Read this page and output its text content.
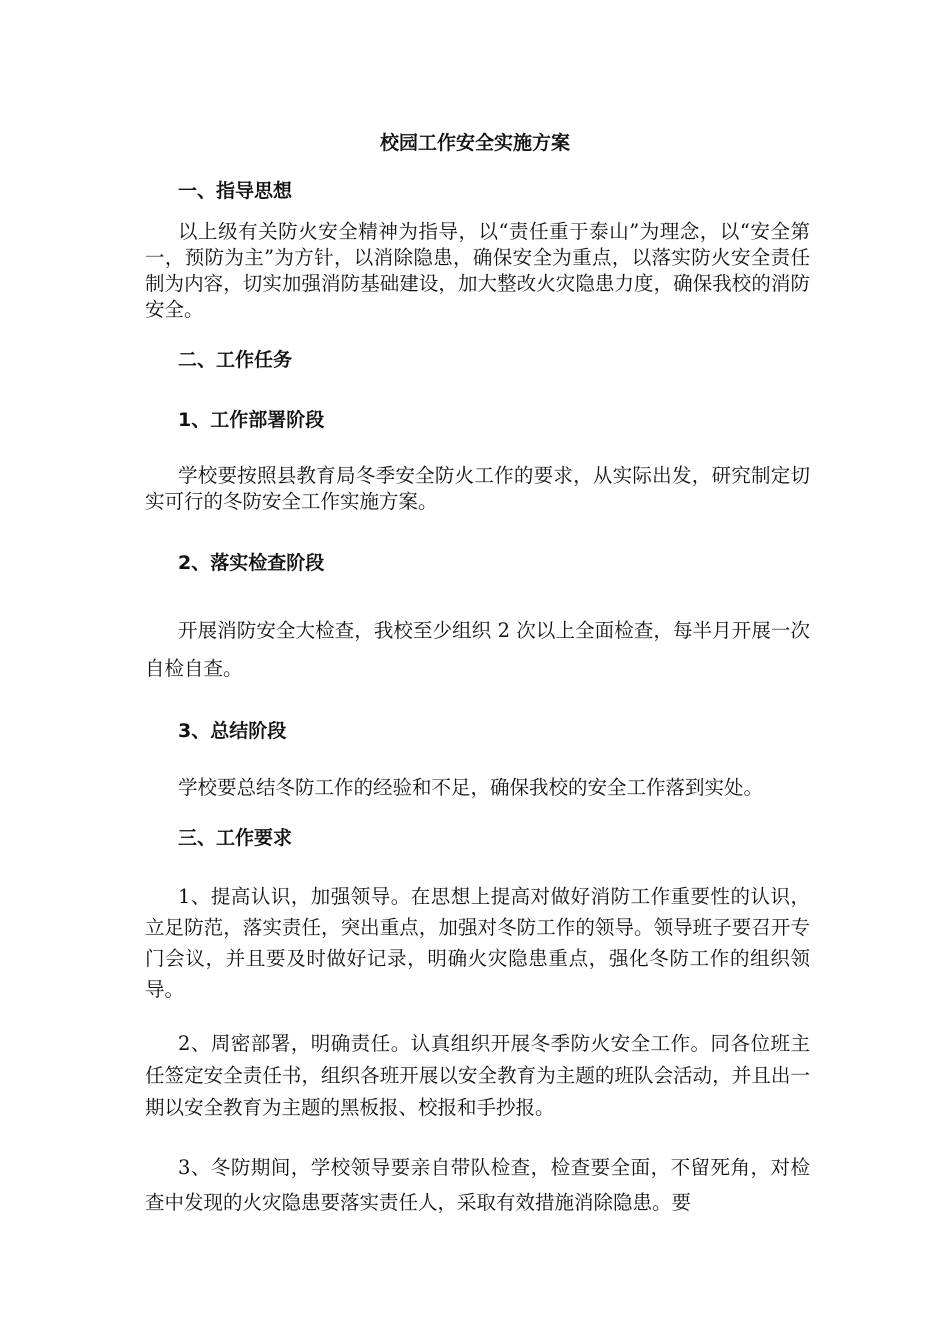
校园工作安全实施方案
一、指导思想
以上级有关防火安全精神为指导，以“责任重于泰山”为理念，以“安全第一，预防为主”为方针，以消除隐患，确保安全为重点，以落实防火安全责任制为内容，切实加强消防基础建设，加大整改火灾隐患力度，确保我校的消防安全。
二、工作任务
1、工作部署阶段
学校要按照县教育局冬季安全防火工作的要求，从实际出发，研究制定切实可行的冬防安全工作实施方案。
2、落实检查阶段
开展消防安全大检查，我校至少组织 2 次以上全面检查，每半月开展一次自检自查。
3、总结阶段
学校要总结冬防工作的经验和不足，确保我校的安全工作落到实处。
三、工作要求
1、提高认识，加强领导。在思想上提高对做好消防工作重要性的认识，立足防范，落实责任，突出重点，加强对冬防工作的领导。领导班子要召开专门会议，并且要及时做好记录，明确火灾隐患重点，强化冬防工作的组织领导。
2、周密部署，明确责任。认真组织开展冬季防火安全工作。同各位班主任签定安全责任书，组织各班开展以安全教育为主题的班队会活动，并且出一期以安全教育为主题的黑板报、校报和手抄报。
3、冬防期间，学校领导要亲自带队检查，检查要全面，不留死角，对检查中发现的火灾隐患要落实责任人，采取有效措施消除隐患。要
